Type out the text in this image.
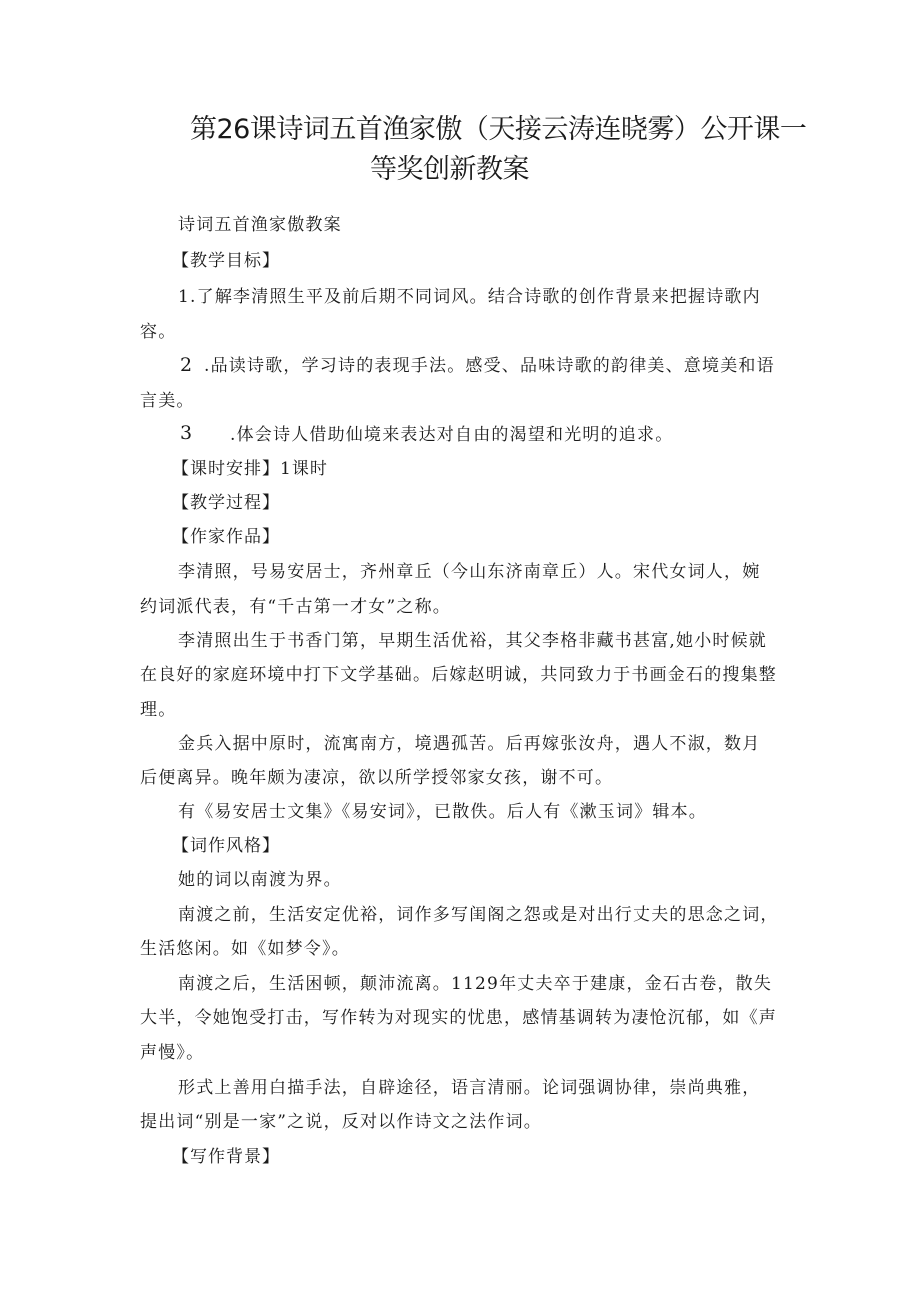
第26课诗词五首渔家傲（天接云涛连晓雾）公开课一
等奖创新教案
诗词五首渔家傲教案
【教学目标】
1.了解李清照生平及前后期不同词风。结合诗歌的创作背景来把握诗歌内
容。
2 .品读诗歌，学习诗的表现手法。感受、品味诗歌的韵律美、意境美和语
言美。
3 .体会诗人借助仙境来表达对自由的渴望和光明的追求。
【课时安排】1课时
【教学过程】
【作家作品】
李清照，号易安居士，齐州章丘（今山东济南章丘）人。宋代女词人，婉
约词派代表，有“千古第一才女”之称。
李清照出生于书香门第，早期生活优裕，其父李格非藏书甚富,她小时候就
在良好的家庭环境中打下文学基础。后嫁赵明诚，共同致力于书画金石的搜集整
理。
金兵入据中原时，流寓南方，境遇孤苦。后再嫁张汝舟，遇人不淑，数月
后便离异。晚年颇为凄凉，欲以所学授邻家女孩，谢不可。
有《易安居士文集》《易安词》，已散佚。后人有《漱玉词》辑本。
【词作风格】
她的词以南渡为界。
南渡之前，生活安定优裕，词作多写闺阁之怨或是对出行丈夫的思念之词，
生活悠闲。如《如梦令》。
南渡之后，生活困顿，颠沛流离。1129年丈夫卒于建康，金石古卷，散失
大半，令她饱受打击，写作转为对现实的忧患，感情基调转为凄怆沉郁，如《声
声慢》。
形式上善用白描手法，自辟途径，语言清丽。论词强调协律，崇尚典雅，
提出词“别是一家”之说，反对以作诗文之法作词。
【写作背景】
